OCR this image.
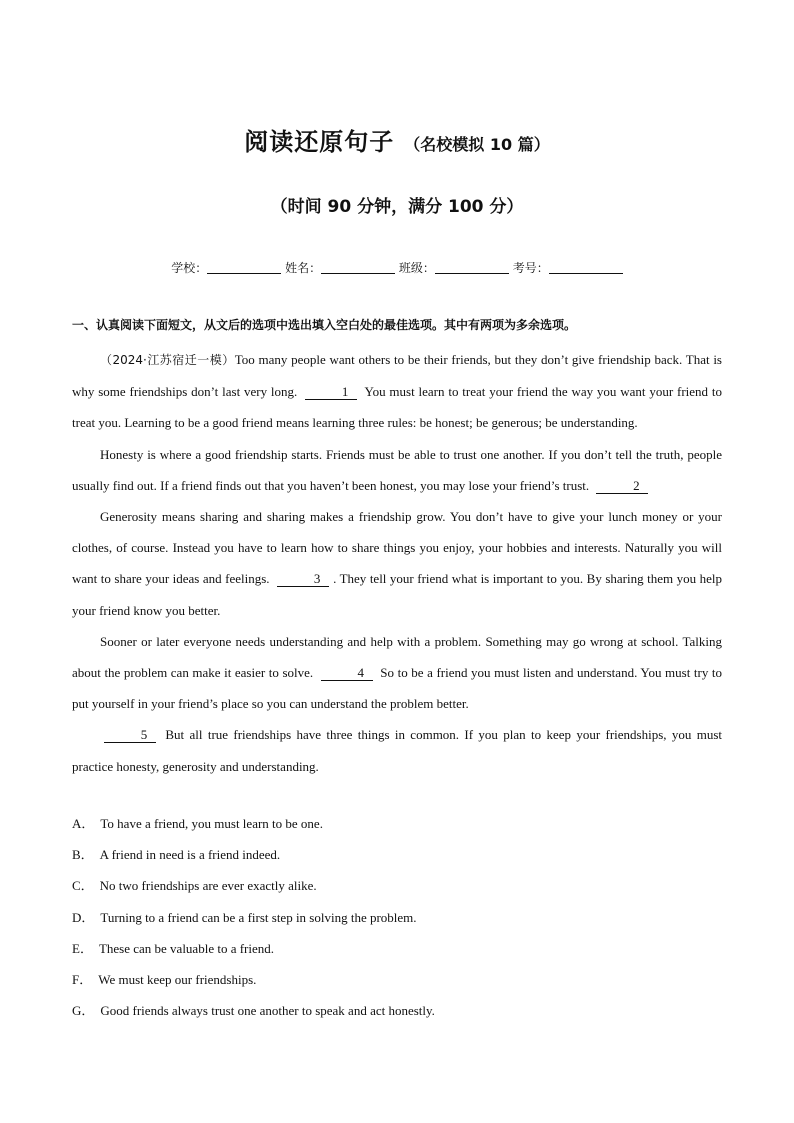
阅读还原句子 （名校模拟 10 篇）
（时间 90 分钟，满分 100 分）
学校：	姓名：	班级：	考号：
一、认真阅读下面短文，从文后的选项中选出填入空白处的最佳选项。其中有两项为多余选项。

（2024·江苏宿迁一模）Too many people want others to be their friends, but they don’t give friendship back. That is why some friendships don’t last very long.	1 You must learn to treat your friend the way you want your friend to treat you. Learning to be a good friend means learning three rules: be honest; be generous; be understanding.

Honesty is where a good friendship starts. Friends must be able to trust one another. If you don’t tell the truth, people usually find out. If a friend finds out that you haven’t been honest, you may lose your friend’s trust.	2

Generosity means sharing and sharing makes a friendship grow. You don’t have to give your lunch money or your clothes, of course. Instead you have to learn how to share things you enjoy, your hobbies and interests. Naturally you will want to share your ideas and feelings.	3 . They tell your friend what is important to you. By sharing them you help your friend know you better.

Sooner or later everyone needs understanding and help with a problem. Something may go wrong at school. Talking about the problem can make it easier to solve.	4 So to be a friend you must listen and understand. You must try to put yourself in your friend’s place so you can understand the problem better.

5 But all true friendships have three things in common. If you plan to keep your friendships, you must practice honesty, generosity and understanding.

A． To have a friend, you must learn to be one.
B． A friend in need is a friend indeed.
C． No two friendships are ever exactly alike.
D． Turning to a friend can be a first step in solving the problem.
E． These can be valuable to a friend.
F． We must keep our friendships.
G． Good friends always trust one another to speak and act honestly.
